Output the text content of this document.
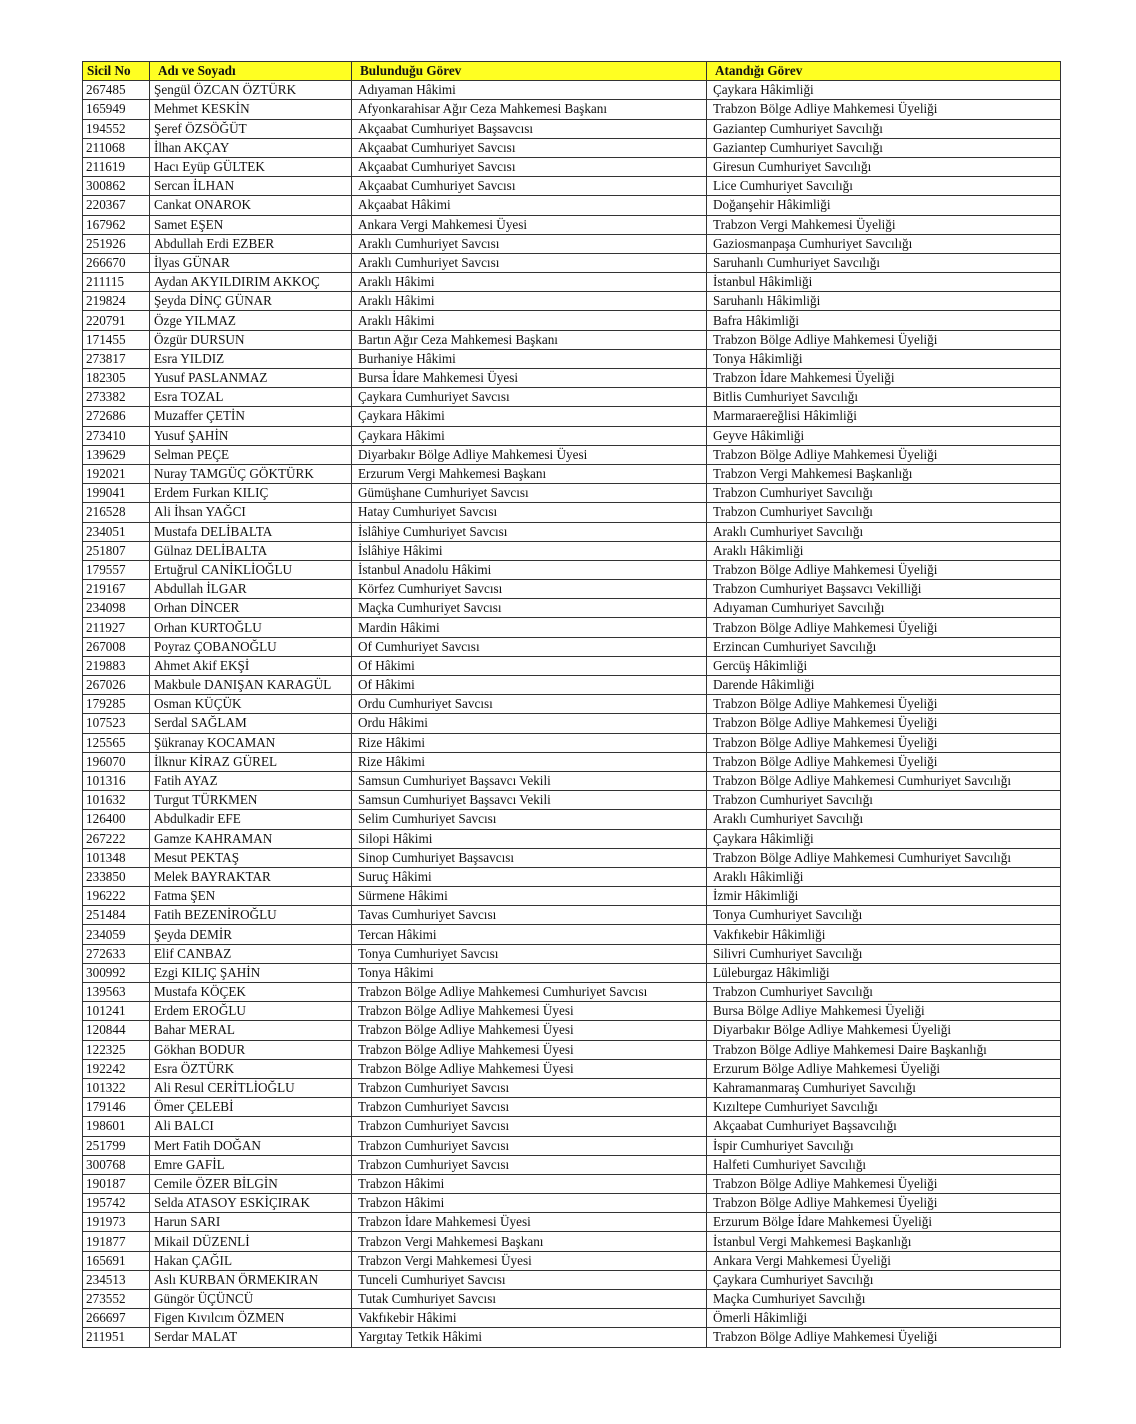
Sicil No	Adı ve Soyadı	Bulunduğu Görev	Atandığı Görev
267485	Şengül ÖZCAN ÖZTÜRK	Adıyaman Hâkimi	Çaykara Hâkimliği
165949	Mehmet KESKİN	Afyonkarahisar Ağır Ceza Mahkemesi Başkanı	Trabzon Bölge Adliye Mahkemesi Üyeliği
194552	Şeref ÖZSÖĞÜT	Akçaabat Cumhuriyet Başsavcısı	Gaziantep Cumhuriyet Savcılığı
211068	İlhan AKÇAY	Akçaabat Cumhuriyet Savcısı	Gaziantep Cumhuriyet Savcılığı
211619	Hacı Eyüp GÜLTEK	Akçaabat Cumhuriyet Savcısı	Giresun Cumhuriyet Savcılığı
300862	Sercan İLHAN	Akçaabat Cumhuriyet Savcısı	Lice Cumhuriyet Savcılığı
220367	Cankat ONAROK	Akçaabat Hâkimi	Doğanşehir Hâkimliği
167962	Samet EŞEN	Ankara Vergi Mahkemesi Üyesi	Trabzon Vergi Mahkemesi Üyeliği
251926	Abdullah Erdi EZBER	Araklı Cumhuriyet Savcısı	Gaziosmanpaşa Cumhuriyet Savcılığı
266670	İlyas GÜNAR	Araklı Cumhuriyet Savcısı	Saruhanlı Cumhuriyet Savcılığı
211115	Aydan AKYILDIRIM AKKOÇ	Araklı Hâkimi	İstanbul Hâkimliği
219824	Şeyda DİNÇ GÜNAR	Araklı Hâkimi	Saruhanlı Hâkimliği
220791	Özge YILMAZ	Araklı Hâkimi	Bafra Hâkimliği
171455	Özgür DURSUN	Bartın Ağır Ceza Mahkemesi Başkanı	Trabzon Bölge Adliye Mahkemesi Üyeliği
273817	Esra YILDIZ	Burhaniye Hâkimi	Tonya Hâkimliği
182305	Yusuf PASLANMAZ	Bursa İdare Mahkemesi Üyesi	Trabzon İdare Mahkemesi Üyeliği
273382	Esra TOZAL	Çaykara Cumhuriyet Savcısı	Bitlis Cumhuriyet Savcılığı
272686	Muzaffer ÇETİN	Çaykara Hâkimi	Marmaraereğlisi Hâkimliği
273410	Yusuf ŞAHİN	Çaykara Hâkimi	Geyve Hâkimliği
139629	Selman PEÇE	Diyarbakır Bölge Adliye Mahkemesi Üyesi	Trabzon Bölge Adliye Mahkemesi Üyeliği
192021	Nuray TAMGÜÇ GÖKTÜRK	Erzurum Vergi Mahkemesi Başkanı	Trabzon Vergi Mahkemesi Başkanlığı
199041	Erdem Furkan KILIÇ	Gümüşhane Cumhuriyet Savcısı	Trabzon Cumhuriyet Savcılığı
216528	Ali İhsan YAĞCI	Hatay Cumhuriyet Savcısı	Trabzon Cumhuriyet Savcılığı
234051	Mustafa DELİBALTA	İslâhiye Cumhuriyet Savcısı	Araklı Cumhuriyet Savcılığı
251807	Gülnaz DELİBALTA	İslâhiye Hâkimi	Araklı Hâkimliği
179557	Ertuğrul CANİKLİOĞLU	İstanbul Anadolu Hâkimi	Trabzon Bölge Adliye Mahkemesi Üyeliği
219167	Abdullah İLGAR	Körfez Cumhuriyet Savcısı	Trabzon Cumhuriyet Başsavcı Vekilliği
234098	Orhan DİNCER	Maçka Cumhuriyet Savcısı	Adıyaman Cumhuriyet Savcılığı
211927	Orhan KURTOĞLU	Mardin Hâkimi	Trabzon Bölge Adliye Mahkemesi Üyeliği
267008	Poyraz ÇOBANOĞLU	Of Cumhuriyet Savcısı	Erzincan Cumhuriyet Savcılığı
219883	Ahmet Akif EKŞİ	Of Hâkimi	Gercüş Hâkimliği
267026	Makbule DANIŞAN KARAGÜL	Of Hâkimi	Darende Hâkimliği
179285	Osman KÜÇÜK	Ordu Cumhuriyet Savcısı	Trabzon Bölge Adliye Mahkemesi Üyeliği
107523	Serdal SAĞLAM	Ordu Hâkimi	Trabzon Bölge Adliye Mahkemesi Üyeliği
125565	Şükranay KOCAMAN	Rize Hâkimi	Trabzon Bölge Adliye Mahkemesi Üyeliği
196070	İlknur KİRAZ GÜREL	Rize Hâkimi	Trabzon Bölge Adliye Mahkemesi Üyeliği
101316	Fatih AYAZ	Samsun Cumhuriyet Başsavcı Vekili	Trabzon Bölge Adliye Mahkemesi Cumhuriyet Savcılığı
101632	Turgut TÜRKMEN	Samsun Cumhuriyet Başsavcı Vekili	Trabzon Cumhuriyet Savcılığı
126400	Abdulkadir EFE	Selim Cumhuriyet Savcısı	Araklı Cumhuriyet Savcılığı
267222	Gamze KAHRAMAN	Silopi Hâkimi	Çaykara Hâkimliği
101348	Mesut PEKTAŞ	Sinop Cumhuriyet Başsavcısı	Trabzon Bölge Adliye Mahkemesi Cumhuriyet Savcılığı
233850	Melek BAYRAKTAR	Suruç Hâkimi	Araklı Hâkimliği
196222	Fatma ŞEN	Sürmene Hâkimi	İzmir Hâkimliği
251484	Fatih BEZENİROĞLU	Tavas Cumhuriyet Savcısı	Tonya Cumhuriyet Savcılığı
234059	Şeyda DEMİR	Tercan Hâkimi	Vakfıkebir Hâkimliği
272633	Elif CANBAZ	Tonya Cumhuriyet Savcısı	Silivri Cumhuriyet Savcılığı
300992	Ezgi KILIÇ ŞAHİN	Tonya Hâkimi	Lüleburgaz Hâkimliği
139563	Mustafa KÖÇEK	Trabzon Bölge Adliye Mahkemesi Cumhuriyet Savcısı	Trabzon Cumhuriyet Savcılığı
101241	Erdem EROĞLU	Trabzon Bölge Adliye Mahkemesi Üyesi	Bursa Bölge Adliye Mahkemesi Üyeliği
120844	Bahar MERAL	Trabzon Bölge Adliye Mahkemesi Üyesi	Diyarbakır Bölge Adliye Mahkemesi Üyeliği
122325	Gökhan BODUR	Trabzon Bölge Adliye Mahkemesi Üyesi	Trabzon Bölge Adliye Mahkemesi Daire Başkanlığı
192242	Esra ÖZTÜRK	Trabzon Bölge Adliye Mahkemesi Üyesi	Erzurum Bölge Adliye Mahkemesi Üyeliği
101322	Ali Resul CERİTLİOĞLU	Trabzon Cumhuriyet Savcısı	Kahramanmaraş Cumhuriyet Savcılığı
179146	Ömer ÇELEBİ	Trabzon Cumhuriyet Savcısı	Kızıltepe Cumhuriyet Savcılığı
198601	Ali BALCI	Trabzon Cumhuriyet Savcısı	Akçaabat Cumhuriyet Başsavcılığı
251799	Mert Fatih DOĞAN	Trabzon Cumhuriyet Savcısı	İspir Cumhuriyet Savcılığı
300768	Emre GAFİL	Trabzon Cumhuriyet Savcısı	Halfeti Cumhuriyet Savcılığı
190187	Cemile ÖZER BİLGİN	Trabzon Hâkimi	Trabzon Bölge Adliye Mahkemesi Üyeliği
195742	Selda ATASOY ESKİÇIRAK	Trabzon Hâkimi	Trabzon Bölge Adliye Mahkemesi Üyeliği
191973	Harun SARI	Trabzon İdare Mahkemesi Üyesi	Erzurum Bölge İdare Mahkemesi Üyeliği
191877	Mikail DÜZENLİ	Trabzon Vergi Mahkemesi Başkanı	İstanbul Vergi Mahkemesi Başkanlığı
165691	Hakan ÇAĞIL	Trabzon Vergi Mahkemesi Üyesi	Ankara Vergi Mahkemesi Üyeliği
234513	Aslı KURBAN ÖRMEKIRAN	Tunceli Cumhuriyet Savcısı	Çaykara Cumhuriyet Savcılığı
273552	Güngör ÜÇÜNCÜ	Tutak Cumhuriyet Savcısı	Maçka Cumhuriyet Savcılığı
266697	Figen Kıvılcım ÖZMEN	Vakfıkebir Hâkimi	Ömerli Hâkimliği
211951	Serdar MALAT	Yargıtay Tetkik Hâkimi	Trabzon Bölge Adliye Mahkemesi Üyeliği
